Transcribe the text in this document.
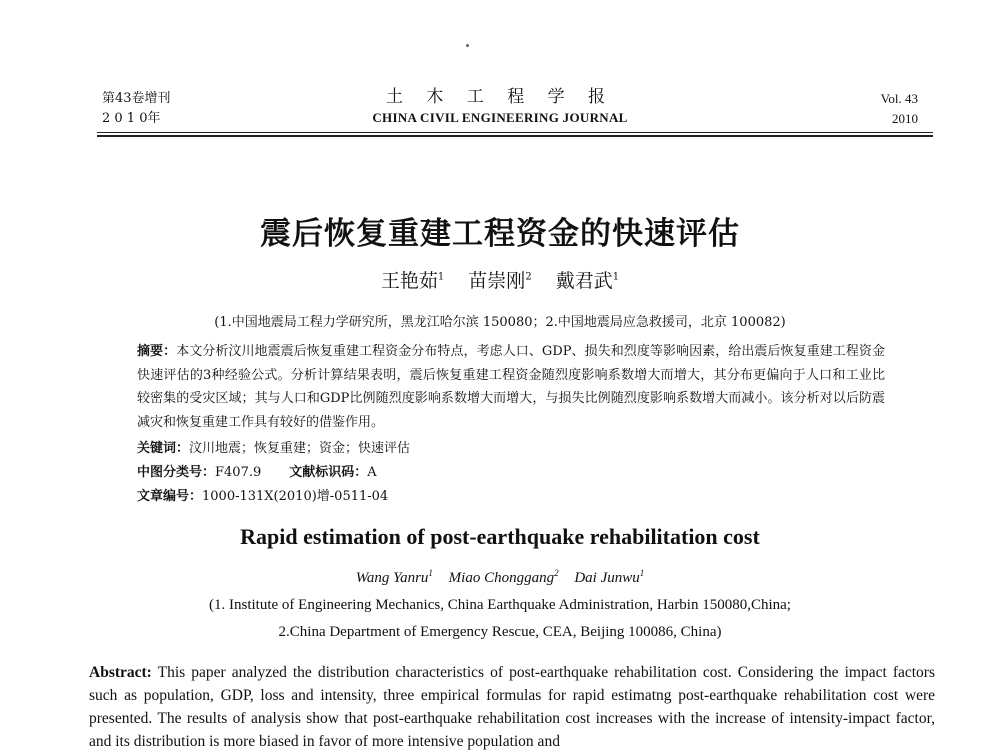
第43卷增刊
2 0 1 0年
土 木 工 程 学 报
CHINA CIVIL ENGINEERING JOURNAL
Vol. 43
2010
震后恢复重建工程资金的快速评估
王艳茹$^1$ 苗崇刚$^2$ 戴君武$^1$
(1.中国地震局工程力学研究所，黑龙江哈尔滨 150080；2.中国地震局应急救援司，北京 100082)
摘要：本文分析汶川地震震后恢复重建工程资金分布特点，考虑人口、GDP、损失和烈度等影响因素，给出震后恢复重建工程资金快速评估的3种经验公式。分析计算结果表明，震后恢复重建工程资金随烈度影响系数增大而增大，其分布更偏向于人口和工业比较密集的受灾区域；其与人口和GDP比例随烈度影响系数增大而增大，与损失比例随烈度影响系数增大而减小。该分析对以后防震减灾和恢复重建工作具有较好的借鉴作用。
关键词：汶川地震；恢复重建；资金；快速评估
中图分类号：F407.9 文献标识码：A
文章编号：1000-131X(2010)增-0511-04
Rapid estimation of post-earthquake rehabilitation cost
Wang Yanru$^1$ Miao Chonggang$^2$ Dai Junwu$^1$
(1. Institute of Engineering Mechanics, China Earthquake Administration, Harbin 150080,China;
2.China Department of Emergency Rescue, CEA, Beijing 100086, China)
Abstract: This paper analyzed the distribution characteristics of post-earthquake rehabilitation cost. Considering the impact factors such as population, GDP, loss and intensity, three empirical formulas for rapid estimatng post-earthquake rehabilitation cost were presented. The results of analysis show that post-earthquake rehabilitation cost increases with the increase of intensity-impact factor, and its distribution is more biased in favor of more intensive population and
